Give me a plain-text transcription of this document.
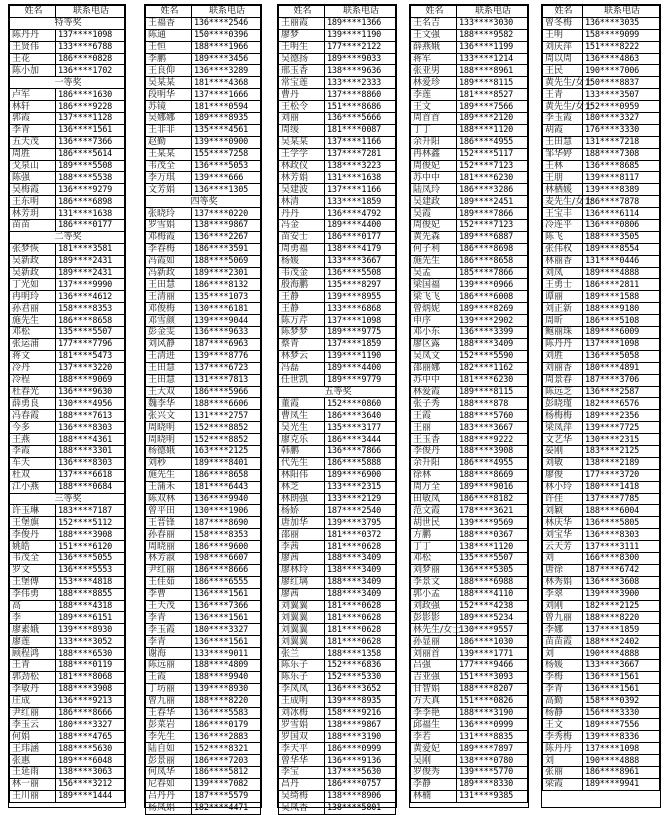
姓名	联系电话
特等奖	
陈丹丹	137****1098
王贤伟	133****6788
王花	186****0828
陈小加	136****1702
一等奖	
卢军	186****1630
林轩	186****9228
郭霞	137****1128
李青	136****1561
五天茂	136****7366
周胜	186****5614
戈泉山	189****5508
陈强	188****5538
吴梅霞	136****9279
王东明	186****6898
林芳玥	131****1638
苗苗	186****0177
二等奖	
张梦恢	181****3581
吴新政	189****2431
吴新政	189****2431
丁光如	137****9990
冉明玲	136****4612
孙君丽	158****8353
施先生	186****8658
邓松	135****5507
张运浦	177****7796
蒋文	181****5473
冷丹	137****3220
冷程	188****9069
杜春光	136****9630
薛勇良	130****4956
冯春霞	188****7613
今多	136****8303
王燕	188****4361
李霞	188****3301
车天	136****8303
杜双	137****6618
江小燕	188****0684
三等奖	
许玉琳	183****7187
王堡旗	152****5112
李俊丹	188****3908
姚皓	151****6120
韦茂全	136****5055
罗文	136****5553
王堡傅	153****4818
李伟勇	188****8855
高	188****4318
李	189****6151
廖素娥	139****8930
廖莲	133****3052
顾程鸿	188****6530
王青	188****0119
郭劲松	181****8068
李敏丹	188****3908
庄成	136****9213
尹红丽	186****8666
李玉云	180****3327
何娟	188****4765
王玮涵	188****5630
张惠	189****6048
王延雨	138****3063
林一丽	156****3212
王川丽	189****1444
姓名	联系电话
王福香	136****2546
陈通	150****0396
王恒	188****1966
李鹏	189****3456
王良仰	136****3289
吴某某	181****4368
段明华	137****1666
苏镜	181****0594
吴娜娜	189****8935
王非非	135****4561
赵勤	139****0900
王某某	155****7258
韦茂全	136****5053
李万琪	139****666
文芳娟	136****1305
四等奖	
张晓玲	137****0220
罗雪娟	138****9867
邓梅霞	136****2267
李春梅	186****3591
冯霞如	188****5069
冯新政	189****2301
王田慧	186****8132
王清丽	135****1073
邓俊梅	130****6181
邓雪颜	139****9044
彭金雯	136****9633
刘风静	187****6963
王清进	139****8776
王田慧	137****6723
王田慧	131****7813
王大双	186****5966
魏李华	188****6606
张兴文	131****2757
周晓明	152****8852
周晓明	152****8852
杨德娥	163****2125
刘秒	189****8401
施先生	186****8658
王蒲禾	181****6443
陈双林	136****9940
曾平田	130****1906
王晋锋	187****8690
孙春丽	158****8353
周晓丽	186****9600
林芳淑	198****6607
尹红丽	186****8666
王佳茹	186****6555
李曹	136****1561
王天茂	136****7366
李青	136****1561
李玉霞	180****3327
李青	136****1561
谢海	133****9011
陈远丽	188****4809
王霞	188****9940
丁坊丽	139****8930
曾九丽	188****8220
王春华	136****5583
彭菜岩	186****0179
李先生	136****2883
陆自如	152****8321
彭景丽	186****7203
何凤华	186****5812
尼春如	139****7082
吕丹丹	187****5579
杨凤娟	182****4471
姓名	联系电话
王丽霞	189****1366
廖梦	139****1190
王明生	177****2122
吴德扬	189****9033
邢玉香	138****9636
常宝莲	133****2333
曹丹	137****8860
王松令	151****8686
刘丽	136****5666
周缓	181****0087
吴某某	137****1166
王学学	137****7281
林政仪	138****3223
林芳娟	131****1638
吴建波	137****1166
林清	133****1859
丹丹	136****4792
冯金	189****4400
苗安士	186****0177
周勇福	138****4179
杨媛	133****3667
韦茂金	136****5508
殷海鹏	135****8297
王静	139****8955
王静	133****6868
陈万芹	137****1098
陈梦梦	189****9775
蔡青	137****1859
林梦云	139****1190
冯磊	189****4400
任世凯	189****9779
五等奖	
董霞	152****0860
曹凤生	186****3640
吴光生	135****3177
廖克乐	186****3444
韩鹏	136****7866
代先生	186****5888
林阳伟	189****6900
林芝	133****2315
林朗强	133****2129
杨娇	187****2540
唐加华	139****3795
邵丽	181****0372
李茜	181****0628
廖茜	188****3409
廖林玲	138****3409
廖红璃	188****3409
廖茜	188****3409
刘翼翼	181****0628
刘翼翼	181****0628
刘翼翼	181****0628
刘翼翼	181****0628
张兰	188****1358
陈乐子	152****6836
陈乐子	152****5330
李凤凤	136****3652
王成明	139****8935
刘冰梅	158****9216
罗雪娟	138****9867
罗国双	188****3190
李天平	186****0999
曾华华	136****9136
李宝	137****5630
昌丹	186****0757
吴绮梅	138****8906
吴凤香	138****5801
姓名	联系电话
王名吉	133****3030
王文强	188****9582
薛燕娥	136****1199
蒋军	133****1214
张亚男	188****8961
林爱珍	189****8115
李莲	181****8527
王文	189****7566
周首首	189****2120
丁丁	188****1120
余升阳	186****4955
冉林鑫	152****5117
周俊妃	152****7123
苏中中	181****6230
陆凤玲	186****3286
吴建政	189****2451
吴霞	189****7866
周俊妃	152****7123
黄先森	189****6887
何子利	186****8698
施先生	186****8658
吴孟	185****7866
梁国福	139****0966
梁飞飞	186****6008
曾炳妮	189****8269
申序	139****2902
邓小东	136****3399
廖区露	188****3409
吴凤文	152****5590
邵丽娜	182****1162
苏中中	181****6230
林爱霞	189****8115
张子秀	188****878
王霞	188****5760
王丽	183****3667
王玉香	188****9222
李俊丹	188****3908
余升阳	186****4955
徐林	188****8669
周万全	189****9016
田敏凤	186****8182
范文霞	178****3621
胡世民	139****9569
方鹏	188****0367
丁丁	138****1120
邓松	135****5507
刘梦丽	136****5305
李景文	188****6988
郭小孟	188****4110
刘政强	152****4238
彭影影	189****5234
林先生/女士	130****9557
孙显丽	186****1030
刘丽首	139****1771
吕强	177****9466
吉亚强	151****3093
甘智娟	188****8207
方天真	151****0826
李李艳	188****3190
邱福生	136****0999
李若	131****8835
黄爱妃	189****7897
吴刚	138****0780
罗俊秀	139****5770
李静	189****8330
林楠	131****9385
姓名	联系电话
曾冬梅	136****3035
王明	158****9099
刘庆萍	151****8222
周以周	136****4863
王民	190****7006
黄先生/女士	150****8837
王青	133****3507
黄先生/女士	152****0959
李玉霞	180****3327
胡霞	176****3330
王田慧	131****7218
邹华婷	188****7308
王林	136****8685
王朋	139****8117
林栖媛	139****8389
麦先生/女士	186****7878
王宝丰	136****6114
冷连平	136****0806
陈飞	188****3505
张伟权	189****8554
林丽香	131****0446
刘凤	189****4888
王勇士	186****2811
谭丽	189****1588
刘正新	188****9180
周昕	186****5108
鲍丽珠	189****6009
陈丹丹	137****1098
刘胜	136****5058
刘丽香	180****4891
周景春	187****3706
陈远芝	136****2587
彭晓瑾	182****6576
杨梅梅	189****2356
梁凤萍	139****7725
文艺华	130****2315
晏刚	183****2125
刘敏	138****2189
廖俊	177****3720
林小玲	180****1418
许佳	137****7785
刘颖	188****6004
林庆华	136****5805
刘宝华	136****8303
云天芳	137****3111
刘	166****8300
唐徐	187****6742
林秀娟	136****3608
李翠	139****3900
刘刚	182****2125
曾九丽	188****8220
李娜	137****1859
苗苗霞	188****2402
刘	190****4888
杨媛	133****3667
李梅	136****1561
李青	136****1561
高勤	158****0392
杨静	156****3330
王文	189****7556
李秀梅	139****8336
陈丹丹	137****1098
刘	190****4888
张丽	186****8961
梁霞	189****9941
